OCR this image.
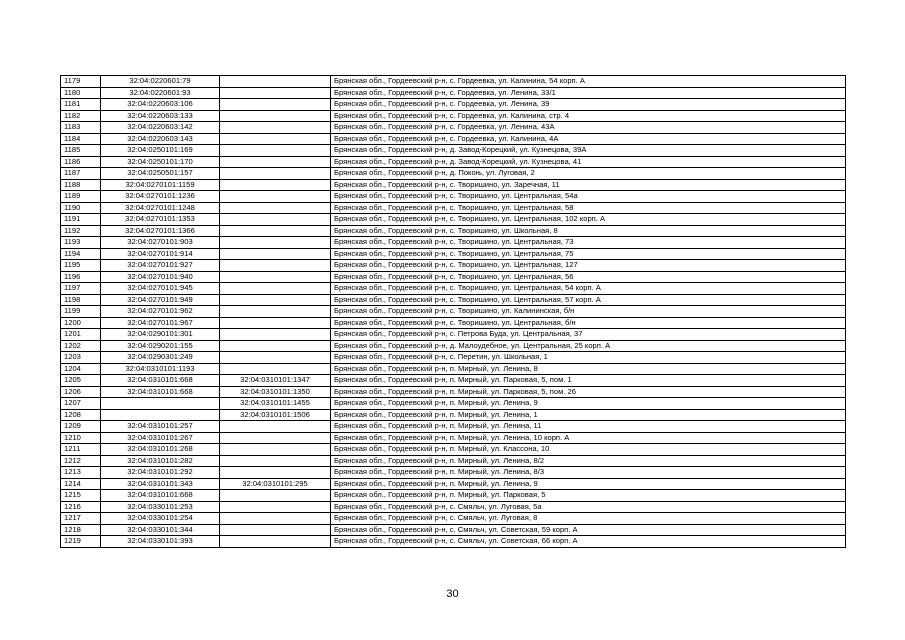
1179	32:04:0220601:79		Брянская обл., Гордеевский р-н, с. Гордеевка, ул. Калинина, 54 корп. А
1180	32:04:0220601:93		Брянская обл., Гордеевский р-н, с. Гордеевка, ул. Ленина, 33/1
1181	32:04:0220603:106		Брянская обл., Гордеевский р-н, с. Гордеевка, ул. Ленина, 39
1182	32:04:0220603:133		Брянская обл., Гордеевский р-н, с. Гордеевка, ул. Калинина, стр. 4
1183	32:04:0220603:142		Брянская обл., Гордеевский р-н, с. Гордеевка, ул. Ленина, 43А
1184	32:04:0220603:143		Брянская обл., Гордеевский р-н, с. Гордеевка, ул. Калинина, 4А
1185	32:04:0250101:169		Брянская обл., Гордеевский р-н, д. Завод-Корецкий, ул. Кузнецова, 39А
1186	32:04:0250101:170		Брянская обл., Гордеевский р-н, д. Завод-Корецкий, ул. Кузнецова, 41
1187	32:04:0250501:157		Брянская обл., Гордеевский р-н, д. Покоњ, ул. Луговая, 2
1188	32:04:0270101:1159		Брянская обл., Гордеевский р-н, с. Творишино, ул. Заречная, 11
1189	32:04:0270101:1236		Брянская обл., Гордеевский р-н, с. Творишино, ул. Центральная, 54а
1190	32:04:0270101:1248		Брянская обл., Гордеевский р-н, с. Творишино, ул. Центральная, 58
1191	32:04:0270101:1353		Брянская обл., Гордеевский р-н, с. Творишино, ул. Центральная, 102 корп. А
1192	32:04:0270101:1366		Брянская обл., Гордеевский р-н, с. Творишино, ул. Школьная, 8
1193	32:04:0270101:903		Брянская обл., Гордеевский р-н, с. Творишино, ул. Центральная, 73
1194	32:04:0270101:914		Брянская обл., Гордеевский р-н, с. Творишино, ул. Центральная, 75
1195	32:04:0270101:927		Брянская обл., Гордеевский р-н, с. Творишино, ул. Центральная, 127
1196	32:04:0270101:940		Брянская обл., Гордеевский р-н, с. Творишино, ул. Центральная, 56
1197	32:04:0270101:945		Брянская обл., Гордеевский р-н, с. Творишино, ул. Центральная, 54 корп. А
1198	32:04:0270101:949		Брянская обл., Гордеевский р-н, с. Творишино, ул. Центральная, 57 корп. А
1199	32:04:0270101:962		Брянская обл., Гордеевский р-н, с. Творишино, ул. Калининская, б/н
1200	32:04:0270101:967		Брянская обл., Гордеевский р-н, с. Творишино, ул. Центральная, б/н
1201	32:04:0290101:301		Брянская обл., Гордеевский р-н, с. Петрова Буда, ул. Центральная, 37
1202	32:04:0290201:155		Брянская обл., Гордеевский р-н, д. Малоудебное, ул. Центральная, 25 корп. А
1203	32:04:0290301:249		Брянская обл., Гордеевский р-н, с. Перетин, ул. Школьная, 1
1204	32:04:0310101:1193		Брянская обл., Гордеевский р-н, п. Мирный, ул. Ленина, 8
1205	32:04:0310101:668	32:04:0310101:1347	Брянская обл., Гордеевский р-н, п. Мирный, ул. Парковая, 5, пом. 1
1206	32:04:0310101:668	32:04:0310101:1350	Брянская обл., Гордеевский р-н, п. Мирный, ул. Парковая, 5, пом. 26
1207		32:04:0310101:1455	Брянская обл., Гордеевский р-н, п. Мирный, ул. Ленина, 9
1208		32:04:0310101:1506	Брянская обл., Гордеевский р-н, п. Мирный, ул. Ленина, 1
1209	32:04:0310101:257		Брянская обл., Гордеевский р-н, п. Мирный, ул. Ленина, 11
1210	32:04:0310101:267		Брянская обл., Гордеевский р-н, п. Мирный, ул. Ленина, 10 корп. А
1211	32:04:0310101:268		Брянская обл., Гордеевский р-н, п. Мирный, ул. Классона, 10
1212	32:04:0310101:282		Брянская обл., Гордеевский р-н, п. Мирный, ул. Ленина, 8/2
1213	32:04:0310101:292		Брянская обл., Гордеевский р-н, п. Мирный, ул. Ленина, 8/3
1214	32:04:0310101:343	32:04:0310101:295	Брянская обл., Гордеевский р-н, п. Мирный, ул. Ленина, 9
1215	32:04:0310101:668		Брянская обл., Гордеевский р-н, п. Мирный, ул. Парковая, 5
1216	32:04:0330101:253		Брянская обл., Гордеевский р-н, с. Смяльч, ул. Луговая, 5а
1217	32:04:0330101:254		Брянская обл., Гордеевский р-н, с. Смяльч, ул. Луговая, 8
1218	32:04:0330101:344		Брянская обл., Гордеевский р-н, с. Смяльч, ул. Советская, 59 корп. А
1219	32:04:0330101:393		Брянская обл., Гордеевский р-н, с. Смяльч, ул. Советская, 66 корп. А
30
